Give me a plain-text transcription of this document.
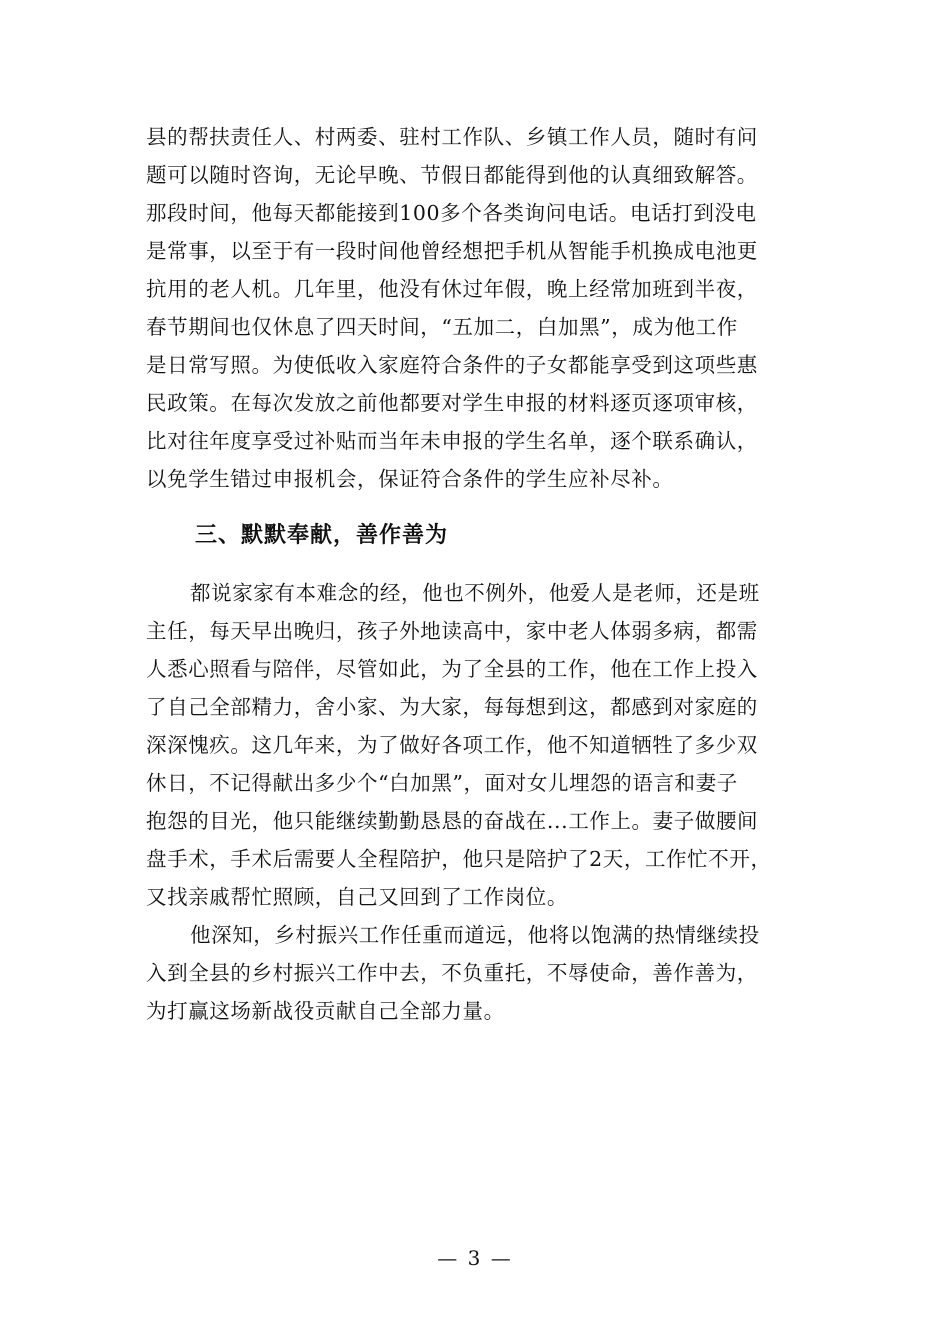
县的帮扶责任人、村两委、驻村工作队、乡镇工作人员，随时有问
题可以随时咨询，无论早晚、节假日都能得到他的认真细致解答。
那段时间，他每天都能接到100多个各类询问电话。电话打到没电
是常事，以至于有一段时间他曾经想把手机从智能手机换成电池更
抗用的老人机。几年里，他没有休过年假，晚上经常加班到半夜，
春节期间也仅休息了四天时间，“五加二，白加黑”，成为他工作
是日常写照。为使低收入家庭符合条件的子女都能享受到这项些惠
民政策。在每次发放之前他都要对学生申报的材料逐页逐项审核，
比对往年度享受过补贴而当年未申报的学生名单，逐个联系确认，
以免学生错过申报机会，保证符合条件的学生应补尽补。
三、默默奉献，善作善为
都说家家有本难念的经，他也不例外，他爱人是老师，还是班
主任，每天早出晚归，孩子外地读高中，家中老人体弱多病，都需
人悉心照看与陪伴，尽管如此，为了全县的工作，他在工作上投入
了自己全部精力，舍小家、为大家，每每想到这，都感到对家庭的
深深愧疚。这几年来，为了做好各项工作，他不知道牺牲了多少双
休日，不记得献出多少个“白加黑”，面对女儿埋怨的语言和妻子
抱怨的目光，他只能继续勤勤恳恳的奋战在...工作上。妻子做腰间
盘手术，手术后需要人全程陪护，他只是陪护了2天，工作忙不开，
又找亲戚帮忙照顾，自己又回到了工作岗位。
他深知，乡村振兴工作任重而道远，他将以饱满的热情继续投
入到全县的乡村振兴工作中去，不负重托，不辱使命，善作善为，
为打赢这场新战役贡献自己全部力量。
— 3 —
